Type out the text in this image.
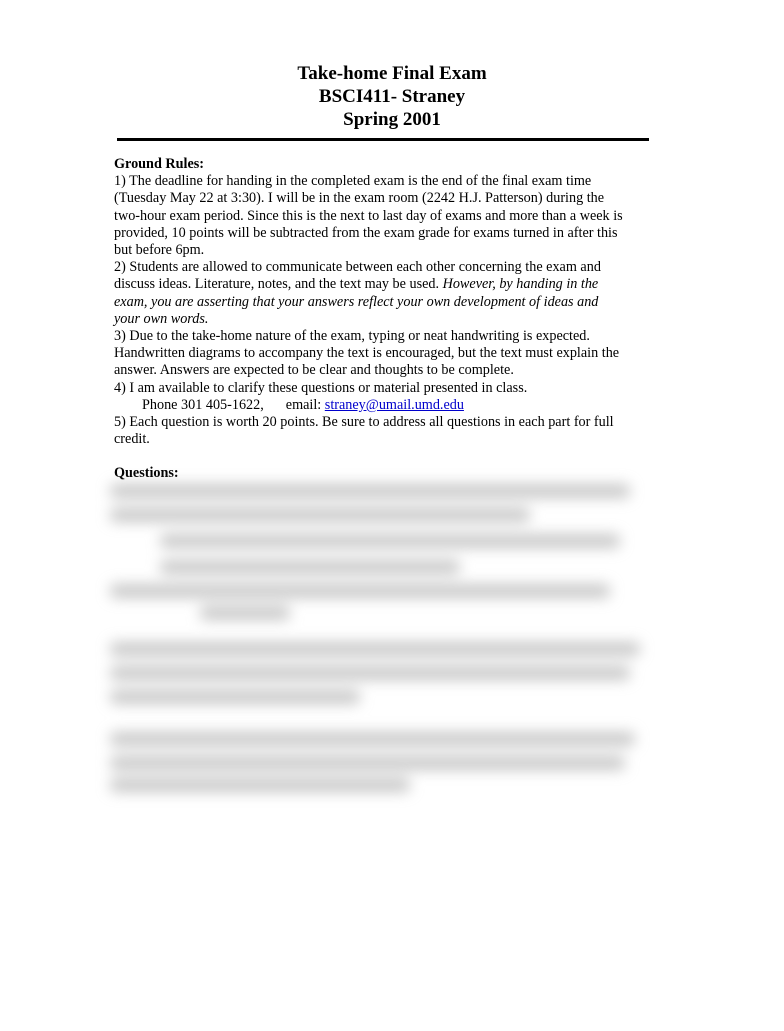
Take-home Final Exam
BSCI411- Straney
Spring 2001
Ground Rules:
1) The deadline for handing in the completed exam is the end of the final exam time
(Tuesday May 22 at 3:30). I will be in the exam room (2242 H.J. Patterson) during the
two-hour exam period. Since this is the next to last day of exams and more than a week is
provided, 10 points will be subtracted from the exam grade for exams turned in after this
but before 6pm.
2) Students are allowed to communicate between each other concerning the exam and
discuss ideas. Literature, notes, and the text may be used. However, by handing in the
exam, you are asserting that your answers reflect your own development of ideas and
your own words.
3) Due to the take-home nature of the exam, typing or neat handwriting is expected.
Handwritten diagrams to accompany the text is encouraged, but the text must explain the
answer. Answers are expected to be clear and thoughts to be complete.
4) I am available to clarify these questions or material presented in class.
Phone 301 405-1622, email: straney@umail.umd.edu
5) Each question is worth 20 points. Be sure to address all questions in each part for full
credit.
Questions:
